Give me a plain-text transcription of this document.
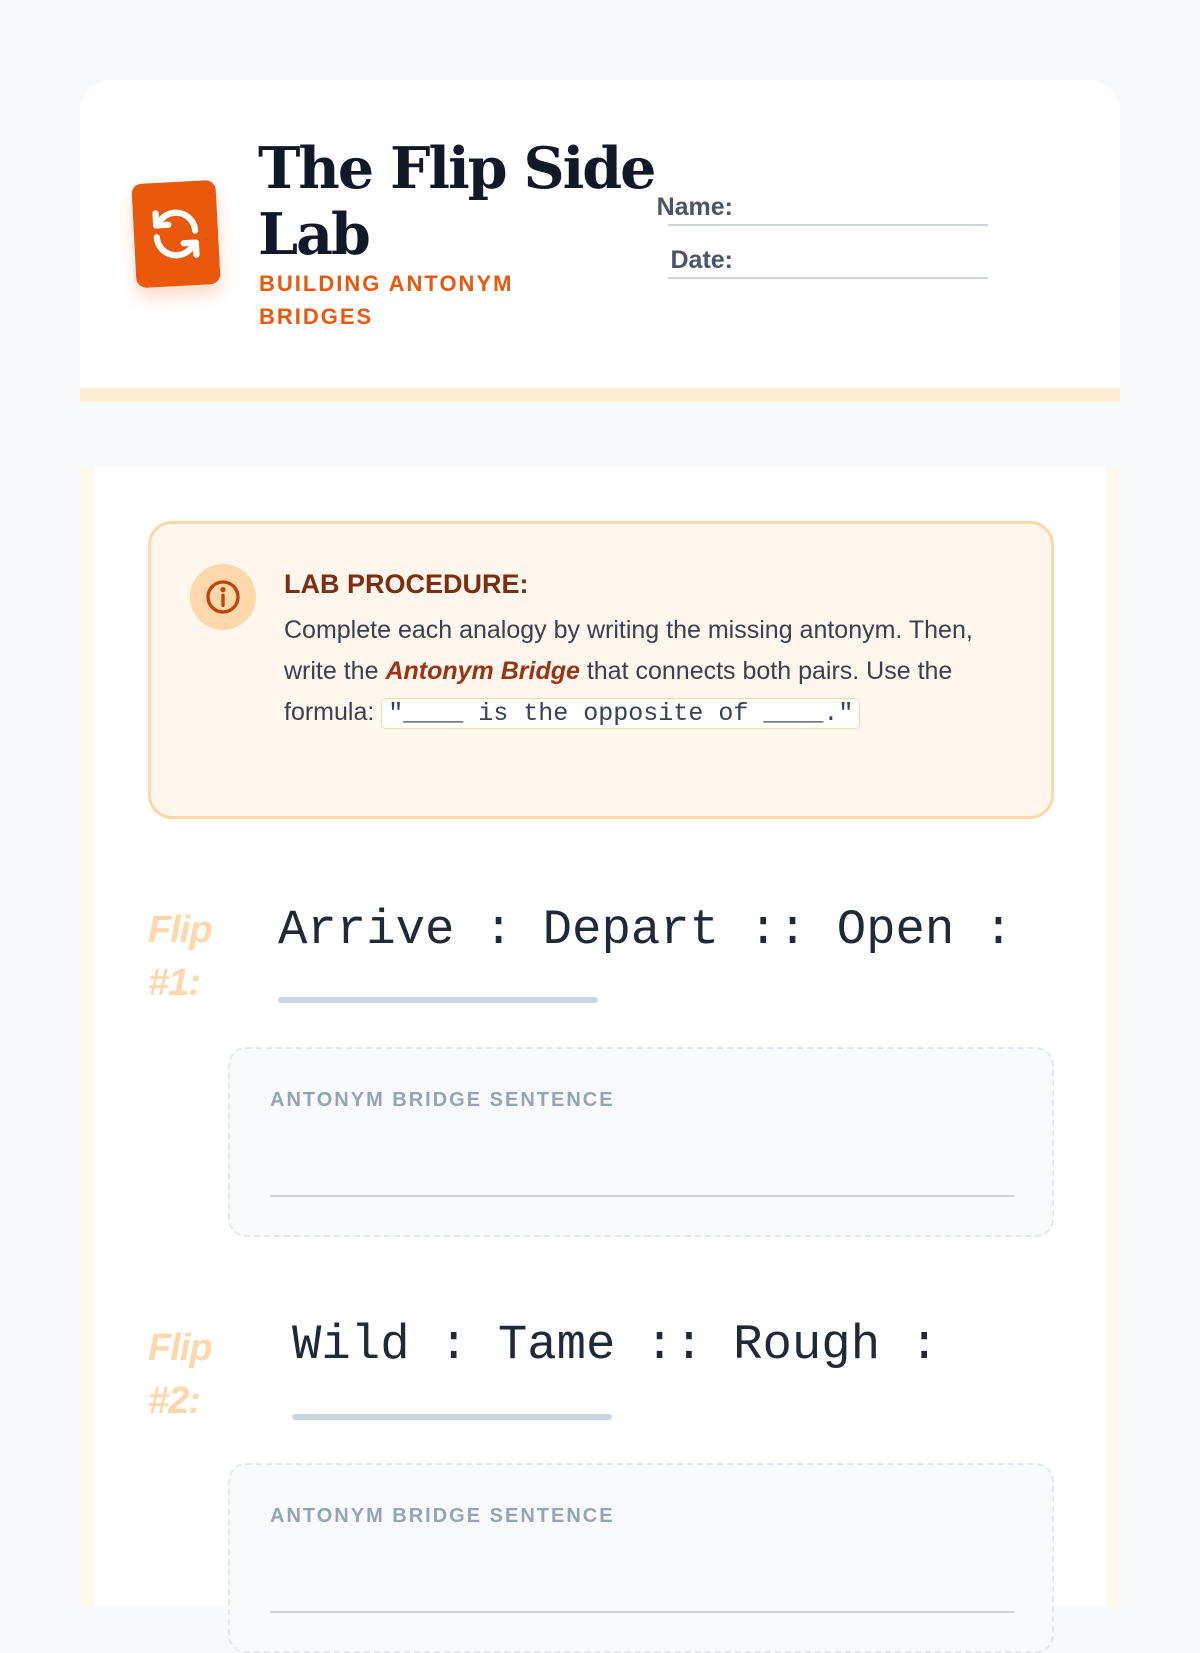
The Flip Side Lab
BUILDING ANTONYM BRIDGES
Name:
Date:
LAB PROCEDURE:

Complete each analogy by writing the missing antonym. Then, write the Antonym Bridge that connects both pairs. Use the formula: "____ is the opposite of ____."

Flip #1:

Arrive : Depart :: Open :

ANTONYM BRIDGE SENTENCE
Flip #2:

Wild : Tame :: Rough :

ANTONYM BRIDGE SENTENCE
